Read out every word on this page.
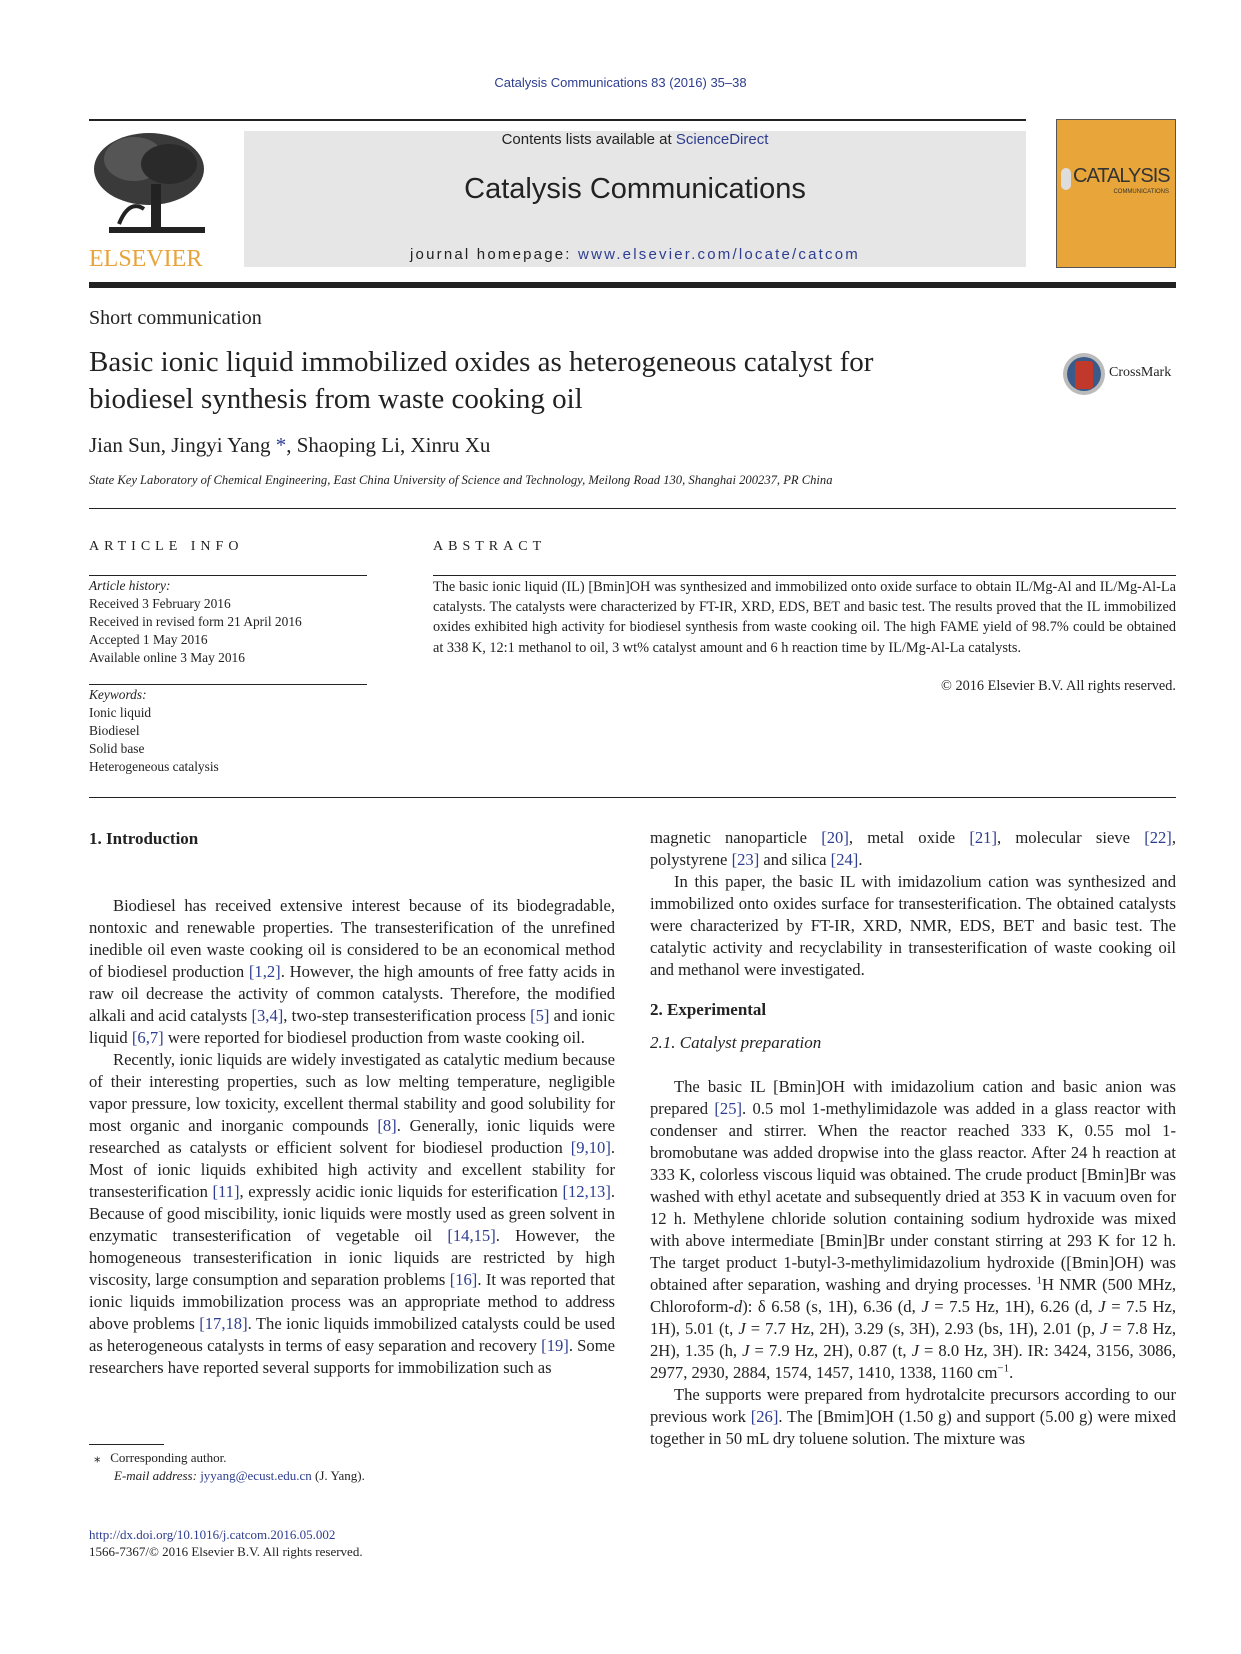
Catalysis Communications 83 (2016) 35–38
ELSEVIER
Contents lists available at ScienceDirect
Catalysis Communications
journal homepage: www.elsevier.com/locate/catcom
CATALYSIS
COMMUNICATIONS
Short communication
Basic ionic liquid immobilized oxides as heterogeneous catalyst for
biodiesel synthesis from waste cooking oil
CrossMark
Jian Sun, Jingyi Yang *, Shaoping Li, Xinru Xu
State Key Laboratory of Chemical Engineering, East China University of Science and Technology, Meilong Road 130, Shanghai 200237, PR China
ARTICLE INFO
Article history:
Received 3 February 2016
Received in revised form 21 April 2016
Accepted 1 May 2016
Available online 3 May 2016
Keywords:
Ionic liquid
Biodiesel
Solid base
Heterogeneous catalysis
ABSTRACT
The basic ionic liquid (IL) [Bmin]OH was synthesized and immobilized onto oxide surface to obtain IL/Mg-Al and IL/Mg-Al-La catalysts. The catalysts were characterized by FT-IR, XRD, EDS, BET and basic test. The results proved that the IL immobilized oxides exhibited high activity for biodiesel synthesis from waste cooking oil. The high FAME yield of 98.7% could be obtained at 338 K, 12:1 methanol to oil, 3 wt% catalyst amount and 6 h reaction time by IL/Mg-Al-La catalysts.
© 2016 Elsevier B.V. All rights reserved.
1. Introduction

Biodiesel has received extensive interest because of its biodegradable, nontoxic and renewable properties. The transesterification of the unrefined inedible oil even waste cooking oil is considered to be an economical method of biodiesel production [1,2]. However, the high amounts of free fatty acids in raw oil decrease the activity of common catalysts. Therefore, the modified alkali and acid catalysts [3,4], two-step transesterification process [5] and ionic liquid [6,7] were reported for biodiesel production from waste cooking oil.

Recently, ionic liquids are widely investigated as catalytic medium because of their interesting properties, such as low melting temperature, negligible vapor pressure, low toxicity, excellent thermal stability and good solubility for most organic and inorganic compounds [8]. Generally, ionic liquids were researched as catalysts or efficient solvent for biodiesel production [9,10]. Most of ionic liquids exhibited high activity and excellent stability for transesterification [11], expressly acidic ionic liquids for esterification [12,13]. Because of good miscibility, ionic liquids were mostly used as green solvent in enzymatic transesterification of vegetable oil [14,15]. However, the homogeneous transesterification in ionic liquids are restricted by high viscosity, large consumption and separation problems [16]. It was reported that ionic liquids immobilization process was an appropriate method to address above problems [17,18]. The ionic liquids immobilized catalysts could be used as heterogeneous catalysts in terms of easy separation and recovery [19]. Some researchers have reported several supports for immobilization such as

⁎ Corresponding author.
E-mail address: jyyang@ecust.edu.cn (J. Yang).
http://dx.doi.org/10.1016/j.catcom.2016.05.002
1566-7367/© 2016 Elsevier B.V. All rights reserved.

magnetic nanoparticle [20], metal oxide [21], molecular sieve [22], polystyrene [23] and silica [24].

In this paper, the basic IL with imidazolium cation was synthesized and immobilized onto oxides surface for transesterification. The obtained catalysts were characterized by FT-IR, XRD, NMR, EDS, BET and basic test. The catalytic activity and recyclability in transesterification of waste cooking oil and methanol were investigated.

2. Experimental
2.1. Catalyst preparation

The basic IL [Bmin]OH with imidazolium cation and basic anion was prepared [25]. 0.5 mol 1-methylimidazole was added in a glass reactor with condenser and stirrer. When the reactor reached 333 K, 0.55 mol 1-bromobutane was added dropwise into the glass reactor. After 24 h reaction at 333 K, colorless viscous liquid was obtained. The crude product [Bmin]Br was washed with ethyl acetate and subsequently dried at 353 K in vacuum oven for 12 h. Methylene chloride solution containing sodium hydroxide was mixed with above intermediate [Bmin]Br under constant stirring at 293 K for 12 h. The target product 1-butyl-3-methylimidazolium hydroxide ([Bmin]OH) was obtained after separation, washing and drying processes. $^1$H NMR (500 MHz, Chloroform-d): δ 6.58 (s, 1H), 6.36 (d, J = 7.5 Hz, 1H), 6.26 (d, J = 7.5 Hz, 1H), 5.01 (t, J = 7.7 Hz, 2H), 3.29 (s, 3H), 2.93 (bs, 1H), 2.01 (p, J = 7.8 Hz, 2H), 1.35 (h, J = 7.9 Hz, 2H), 0.87 (t, J = 8.0 Hz, 3H). IR: 3424, 3156, 3086, 2977, 2930, 2884, 1574, 1457, 1410, 1338, 1160 $cm^{-1}$.

The supports were prepared from hydrotalcite precursors according to our previous work [26]. The [Bmim]OH (1.50 g) and support (5.00 g) were mixed together in 50 mL dry toluene solution. The mixture was
